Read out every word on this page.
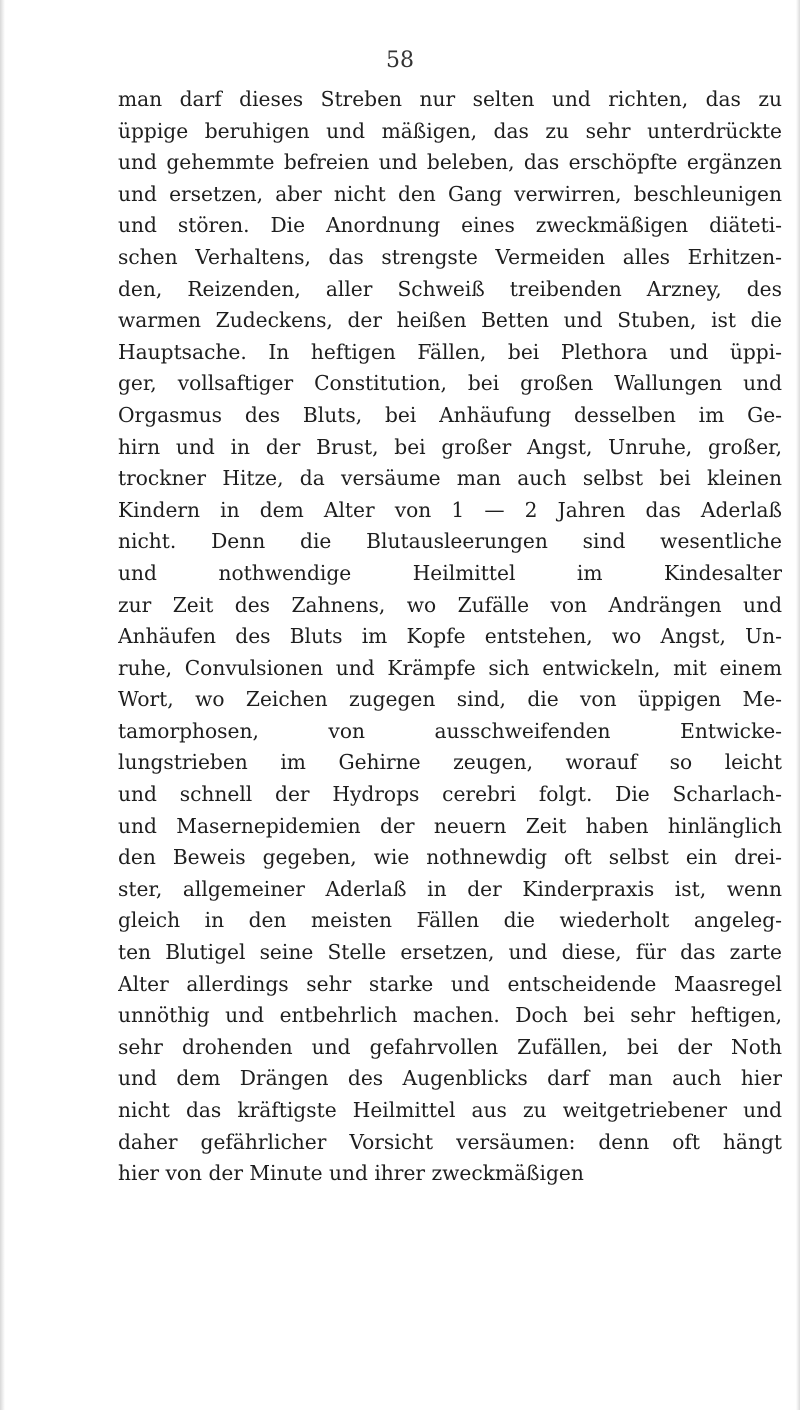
58
man darf dieses Streben nur selten und richten, das zu
üppige beruhigen und mäßigen, das zu sehr unterdrückte
und gehemmte befreien und beleben, das erschöpfte ergänzen
und ersetzen, aber nicht den Gang verwirren, beschleunigen
und stören. Die Anordnung eines zweckmäßigen diäteti-
schen Verhaltens, das strengste Vermeiden alles Erhitzen-
den, Reizenden, aller Schweiß treibenden Arzney, des
warmen Zudeckens, der heißen Betten und Stuben, ist die
Hauptsache. In heftigen Fällen, bei Plethora und üppi-
ger, vollsaftiger Constitution, bei großen Wallungen und
Orgasmus des Bluts, bei Anhäufung desselben im Ge-
hirn und in der Brust, bei großer Angst, Unruhe, großer,
trockner Hitze, da versäume man auch selbst bei kleinen
Kindern in dem Alter von 1 — 2 Jahren das Aderlaß
nicht. Denn die Blutausleerungen sind wesentliche
und nothwendige Heilmittel im Kindesalter
zur Zeit des Zahnens, wo Zufälle von Andrängen und
Anhäufen des Bluts im Kopfe entstehen, wo Angst, Un-
ruhe, Convulsionen und Krämpfe sich entwickeln, mit einem
Wort, wo Zeichen zugegen sind, die von üppigen Me-
tamorphosen, von ausschweifenden Entwicke-
lungstrieben im Gehirne zeugen, worauf so leicht
und schnell der Hydrops cerebri folgt. Die Scharlach-
und Masernepidemien der neuern Zeit haben hinlänglich
den Beweis gegeben, wie nothnewdig oft selbst ein drei-
ster, allgemeiner Aderlaß in der Kinderpraxis ist, wenn
gleich in den meisten Fällen die wiederholt angeleg-
ten Blutigel seine Stelle ersetzen, und diese, für das zarte
Alter allerdings sehr starke und entscheidende Maasregel
unnöthig und entbehrlich machen. Doch bei sehr heftigen,
sehr drohenden und gefahrvollen Zufällen, bei der Noth
und dem Drängen des Augenblicks darf man auch hier
nicht das kräftigste Heilmittel aus zu weitgetriebener und
daher gefährlicher Vorsicht versäumen: denn oft hängt
hier von der Minute und ihrer zweckmäßigen
